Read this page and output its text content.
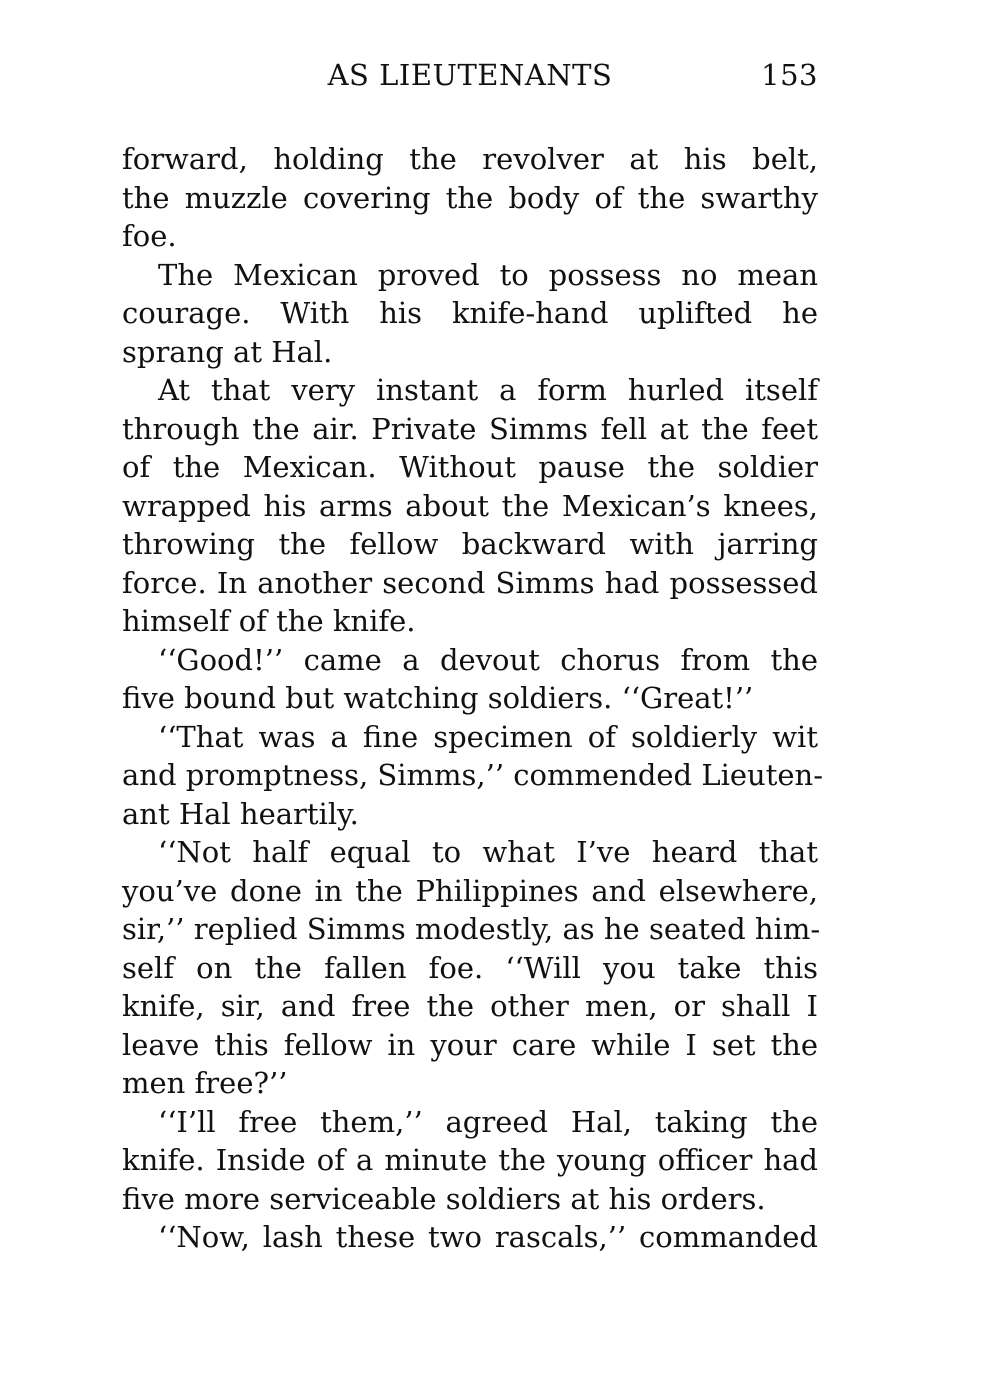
AS LIEUTENANTS	153
forward, holding the revolver at his belt,
the muzzle covering the body of the swarthy
foe.
The Mexican proved to possess no mean
courage. With his knife-hand uplifted he
sprang at Hal.
At that very instant a form hurled itself
through the air. Private Simms fell at the feet
of the Mexican. Without pause the soldier
wrapped his arms about the Mexican’s knees,
throwing the fellow backward with jarring
force. In another second Simms had possessed
himself of the knife.
‘‘Good!’’ came a devout chorus from the
five bound but watching soldiers. ‘‘Great!’’
‘‘That was a fine specimen of soldierly wit
and promptness, Simms,’’ commended Lieuten-
ant Hal heartily.
‘‘Not half equal to what I’ve heard that
you’ve done in the Philippines and elsewhere,
sir,’’ replied Simms modestly, as he seated him-
self on the fallen foe. ‘‘Will you take this
knife, sir, and free the other men, or shall I
leave this fellow in your care while I set the
men free?’’
‘‘I’ll free them,’’ agreed Hal, taking the
knife. Inside of a minute the young officer had
five more serviceable soldiers at his orders.
‘‘Now, lash these two rascals,’’ commanded
